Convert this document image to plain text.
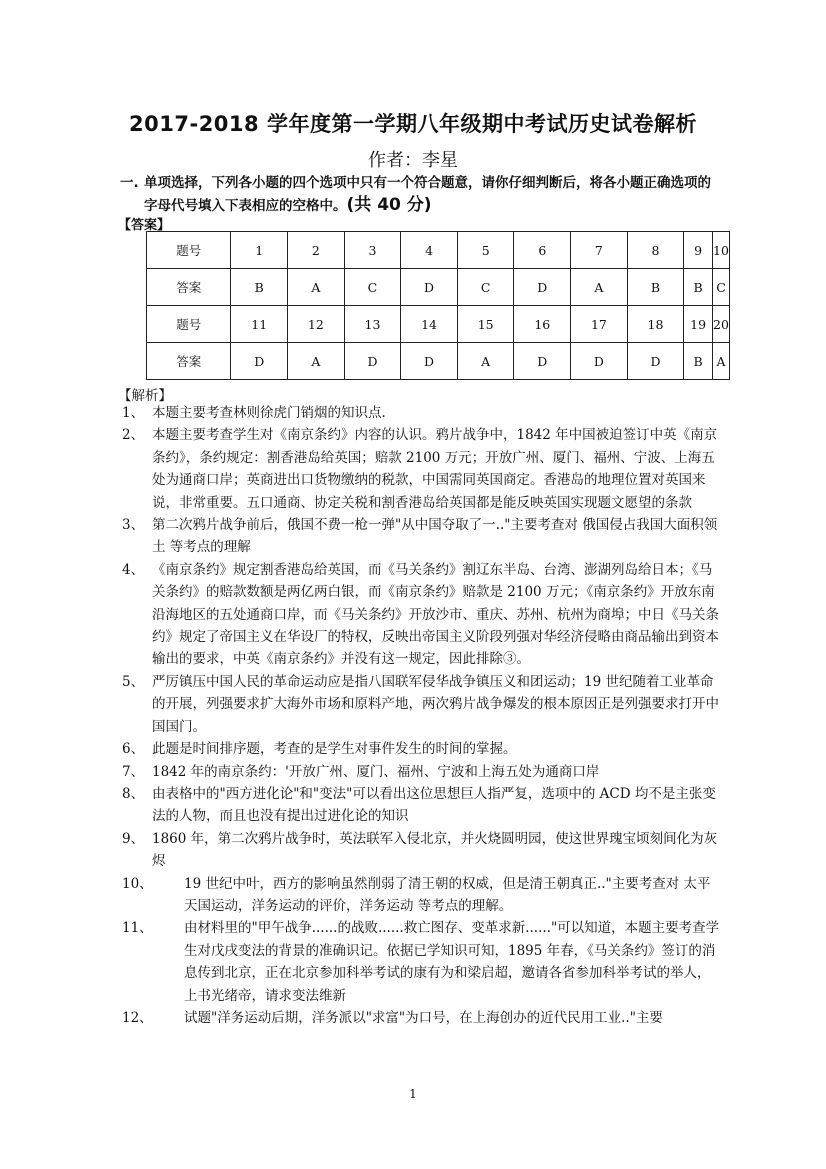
2017-2018 学年度第一学期八年级期中考试历史试卷解析
作者：李星
一. 单项选择，下列各小题的四个选项中只有一个符合题意，请你仔细判断后，将各小题正确选项的字母代号填入下表相应的空格中。(共 40 分)
【答案】
题号	1	2	3	4	5	6	7	8	9	10
答案	B	A	C	D	C	D	A	B	B	C
题号	11	12	13	14	15	16	17	18	19	20
答案	D	A	D	D	A	D	D	D	B	A
【解析】
1、 本题主要考查林则徐虎门销烟的知识点.
2、 本题主要考查学生对《南京条约》内容的认识。鸦片战争中，1842 年中国被迫签订中英《南京条约》，条约规定：割香港岛给英国；赔款 2100 万元；开放广州、厦门、福州、宁波、上海五处为通商口岸；英商进出口货物缴纳的税款，中国需同英国商定。香港岛的地理位置对英国来说，非常重要。五口通商、协定关税和割香港岛给英国都是能反映英国实现题文愿望的条款
3、 第二次鸦片战争前后，俄国不费一枪一弹"从中国夺取了一.."主要考查对 俄国侵占我国大面积领土 等考点的理解
4、 《南京条约》规定割香港岛给英国，而《马关条约》割辽东半岛、台湾、澎湖列岛给日本；《马关条约》的赔款数额是两亿两白银，而《南京条约》赔款是 2100 万元；《南京条约》开放东南沿海地区的五处通商口岸，而《马关条约》开放沙市、重庆、苏州、杭州为商埠；中日《马关条约》规定了帝国主义在华设厂的特权，反映出帝国主义阶段列强对华经济侵略由商品输出到资本输出的要求，中英《南京条约》并没有这一规定，因此排除③。
5、 严厉镇压中国人民的革命运动应是指八国联军侵华战争镇压义和团运动；19 世纪随着工业革命的开展，列强要求扩大海外市场和原料产地，两次鸦片战争爆发的根本原因正是列强要求打开中国国门。
6、 此题是时间排序题，考查的是学生对事件发生的时间的掌握。
7、 1842 年的南京条约：'开放广州、厦门、福州、宁波和上海五处为通商口岸
8、 由表格中的"西方进化论"和"变法"可以看出这位思想巨人指严复，选项中的 ACD 均不是主张变法的人物，而且也没有提出过进化论的知识
9、 1860 年，第二次鸦片战争时，英法联军入侵北京，并火烧圆明园，使这世界瑰宝顷刻间化为灰烬
10、 19 世纪中叶，西方的影响虽然削弱了清王朝的权威，但是清王朝真正.."主要考查对 太平天国运动，洋务运动的评价，洋务运动 等考点的理解。
11、 由材料里的"甲午战争......的战败......救亡图存、变革求新......"可以知道，本题主要考查学生对戊戌变法的背景的准确识记。依据已学知识可知，1895 年春，《马关条约》签订的消息传到北京，正在北京参加科举考试的康有为和梁启超，邀请各省参加科举考试的举人，上书光绪帝，请求变法维新
12、 试题"洋务运动后期，洋务派以"求富"为口号，在上海创办的近代民用工业.."主要
1
